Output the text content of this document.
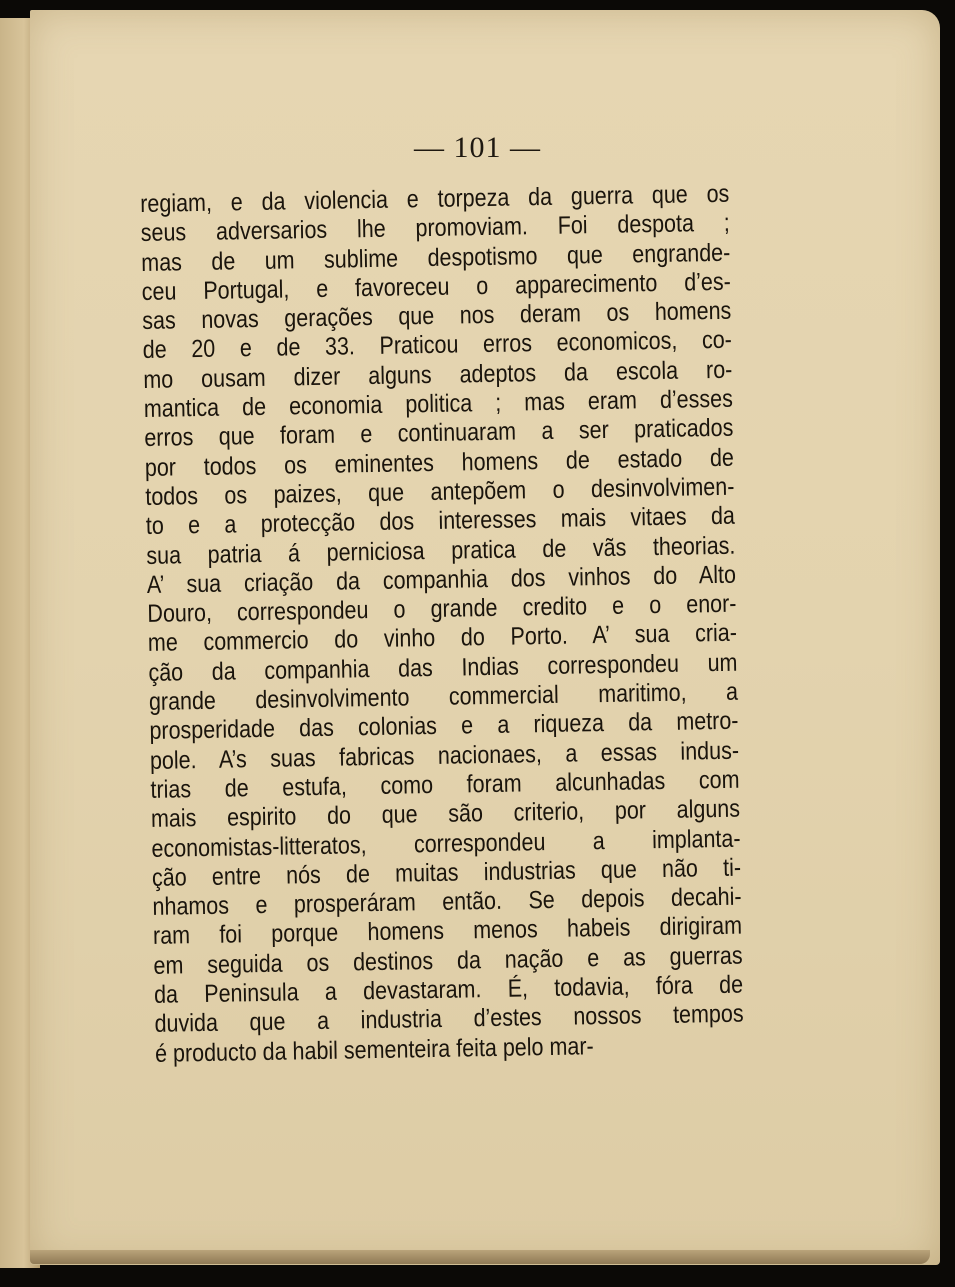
— 101 —
regiam, e da violencia e torpeza da guerra que os
seus adversarios lhe promoviam. Foi despota ;
mas de um sublime despotismo que engrande-
ceu Portugal, e favoreceu o apparecimento d’es-
sas novas gerações que nos deram os homens
de 20 e de 33. Praticou erros economicos, co-
mo ousam dizer alguns adeptos da escola ro-
mantica de economia politica ; mas eram d’esses
erros que foram e continuaram a ser praticados
por todos os eminentes homens de estado de
todos os paizes, que antepõem o desinvolvimen-
to e a protecção dos interesses mais vitaes da
sua patria á perniciosa pratica de vãs theorias.
A’ sua criação da companhia dos vinhos do Alto
Douro, correspondeu o grande credito e o enor-
me commercio do vinho do Porto. A’ sua cria-
ção da companhia das Indias correspondeu um
grande desinvolvimento commercial maritimo, a
prosperidade das colonias e a riqueza da metro-
pole. A’s suas fabricas nacionaes, a essas indus-
trias de estufa, como foram alcunhadas com
mais espirito do que são criterio, por alguns
economistas-litteratos, correspondeu a implanta-
ção entre nós de muitas industrias que não ti-
nhamos e prosperáram então. Se depois decahi-
ram foi porque homens menos habeis dirigiram
em seguida os destinos da nação e as guerras
da Peninsula a devastaram. É, todavia, fóra de
duvida que a industria d’estes nossos tempos
é producto da habil sementeira feita pelo mar-
